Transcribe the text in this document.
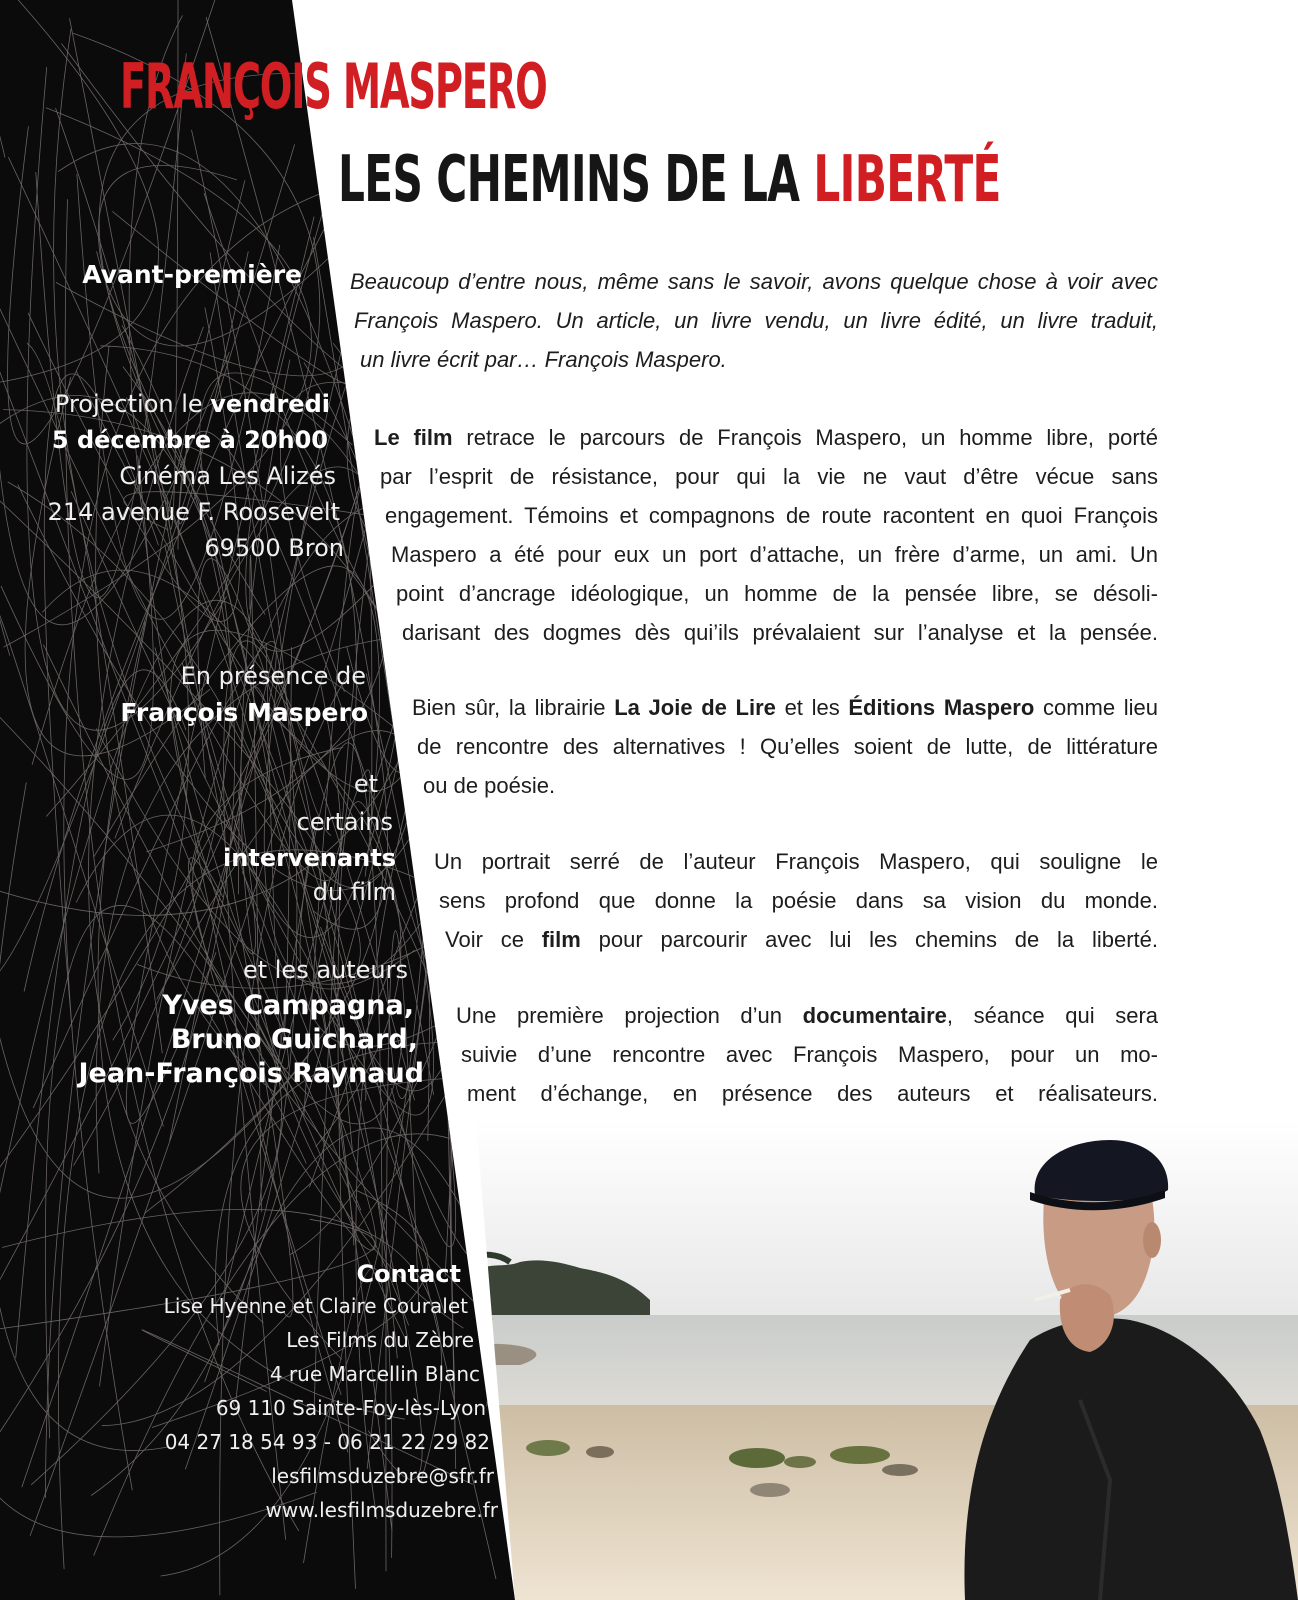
FRANÇOIS MASPERO
LES CHEMINS DE LA LIBERTÉ
Avant-première
Projection le vendredi
5 décembre à 20h00
Cinéma Les Alizés
214 avenue F. Roosevelt
69500 Bron
En présence de
François Maspero
et
certains
intervenants
du film
et les auteurs
Yves Campagna,
Bruno Guichard,
Jean-François Raynaud
Contact
Lise Hyenne et Claire Couralet
Les Films du Zèbre
4 rue Marcellin Blanc
69 110 Sainte-Foy-lès-Lyon
04 27 18 54 93 - 06 21 22 29 82
lesfilmsduzebre@sfr.fr
www.lesfilmsduzebre.fr
Beaucoup d’entre nous, même sans le savoir, avons quelque chose à voir avec
François Maspero. Un article, un livre vendu, un livre édité, un livre traduit,
un livre écrit par… François Maspero.
Le film retrace le parcours de François Maspero, un homme libre, porté
par l’esprit de résistance, pour qui la vie ne vaut d’être vécue sans
engagement. Témoins et compagnons de route racontent en quoi François
Maspero a été pour eux un port d’attache, un frère d’arme, un ami. Un
point d’ancrage idéologique, un homme de la pensée libre, se désoli-
darisant des dogmes dès qui’ils prévalaient sur l’analyse et la pensée.
Bien sûr, la librairie La Joie de Lire et les Éditions Maspero comme lieu
de rencontre des alternatives ! Qu’elles soient de lutte, de littérature
ou de poésie.
Un portrait serré de l’auteur François Maspero, qui souligne le
sens profond que donne la poésie dans sa vision du monde.
Voir ce film pour parcourir avec lui les chemins de la liberté.
Une première projection d’un documentaire, séance qui sera
suivie d’une rencontre avec François Maspero, pour un mo-
ment d’échange, en présence des auteurs et réalisateurs.
